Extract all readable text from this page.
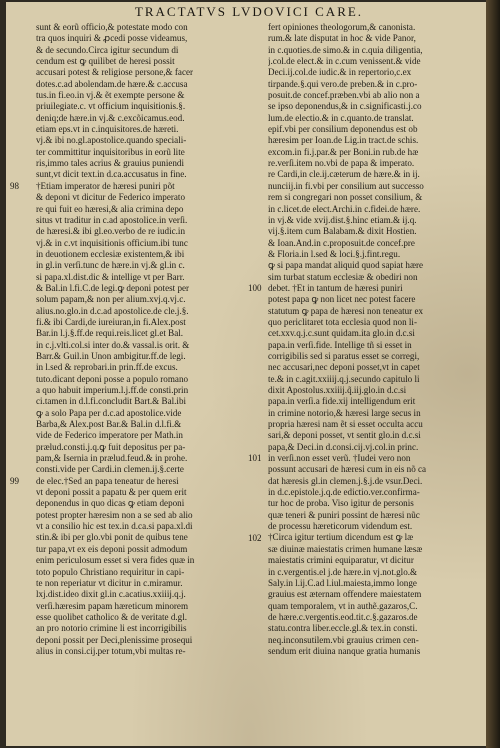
TRACTATVS LVDOVICI CARE.
98
99
sunt & eorũ officio,& potestate modo con
tra quos inquiri & ꝓcedi posse videamus,
& de secundo.Circa igitur secundum di
cendum est ꝙ quilibet de heresi possit
accusari potest & religiose persone,& facer
dotes.c.ad abolendam.de hære.& c.accusa
tus.in fi.eo.in vj.& ẽt exempte persone &
priuilegiate.c. vt officium inquisitionis.§.
deniq;de hære.in vj.& c.excõicamus.eod.
etiam eps.vt in c.inquisitores.de hæreti.
vj.& ibi no.gl.apostolice.quando speciali-
ter committitur inquisitoribus in eorũ lite
ris,immo tales acrius & grauius puniendi
sunt,vt dicit text.in d.ca.accusatus in fine.
†Etiam imperator de hæresi puniri põt
& deponi vt dicitur de Federico imperato
re qui fuit eo hæresi,& alia crimina depo
situs vt traditur in c.ad apostolice.in verſi.
de hæresi.& ibi gl.eo.verbo de re iudic.in
vj.& in c.vt inquisitionis officium.ibi tunc
in deuotionem ecclesiæ existentem,& ibi
in gl.in verſi.tunc de hære.in vj.& gl.in c.
si papa.xl.dist.dic & intellige vt per Barr.
& Bal.in l.fi.C.de legi.ꝙ deponi potest per
solum papam,& non per alium.xvj.q.vj.c.
alius.no.glo.in d.c.ad apostolice.de cle.j.§.
fi.& ibi Cardi,de iureiuran,in fi.Alex.post
Bar.in l.j.§.ff.de requi.reis.licet gl.et Bal.
in c.j.vlti.col.si inter do.& vassal.is orit. &
Barr.& Guil.in Unon ambigitur.ff.de legi.
in l.sed & reprobari.in prin.ff.de excus.
tuto.dicant deponi posse a populo romano
a quo habuit imperium.l.j.ff.de consti.prin
ci.tamen in d.l.fi.concludit Bart.& Bal.ibi
ꝙ a solo Papa per d.c.ad apostolice.vide
Barba,& Alex.post Bar.& Bal.in d.l.fi.&
vide de Federico imperatore per Math.in
prælud.consti.j.q.ꝙ fuit depositus per pa-
pam,& Isernia in prælud.feud.& in prohe.
consti.vide per Cardi.in clemen.ij.§.certe
de elec.†Sed an papa teneatur de heresi
vt deponi possit a papatu & per quem erit
deponendus in quo dicas ꝙ etiam deponi
potest propter hæresim non a se sed ab alio
vt a consilio hic est tex.in d.ca.si papa.xl.di
stin.& ibi per glo.vbi ponit de quibus tene
tur papa,vt ex eis deponi possit admodum
enim periculosum esset si vera fides quæ in
toto populo Christiano requiritur in capi-
te non reperiatur vt dicitur in c.miramur.
lxj.dist.ideo dixit gl.in c.acatius.xxiiij.q.j.
verſi.hæresim papam hæreticum minorem
esse quolibet catholico & de veritate d.gl.
an pro notorio crimine li est incorrigibilis
deponi possit per Deci,plenissime prosequi
alius in consi.cij.per totum,vbi multas re-
100
101
102
fert opiniones theologorum,& canonista.
rum.& late disputat in hoc & vide Panor,
in c.quoties.de simo.& in c.quia diligentia,
j.col.de elect.& in c.cum venissent.& vide
Deci.ij.col.de iudic.& in repertorio,c.ex
tirpande.§.qui vero.de preben.& in c.pro-
posuit.de concef.præben.vbi ab alio non a
se ipso deponendus,& in c.significasti.j.co
lum.de electio.& in c.quanto.de translat.
epif.vbi per consilium deponendus est ob
hæresim per Ioan.de Lig.in tract.de schis.
excom.in fi.j.par.& per Boni.in rub.de hæ
re.verſi.item no.vbi de papa & imperato.
re Cardi,in cle.ij.cæterum de hære.& in ij.
nunciij.in fi.vbi per consilium aut successo
rem si congregari non posset consilium, &
in c.licet.de elect.Archi.in c.fidei.de hære.
in vj.& vide xvij.dist.§.hinc etiam.& ij.q.
vij.§.item cum Balabam.& dixit Hostien.
& Ioan.And.in c.proposuit.de concef.pre
& Floria.in l.sed & loci.§.j.fint.regu.
ꝙ si papa mandat aliquid quod sapiat hære
sim turbat statum ecclesiæ & obediri non
debet. †Et in tantum de hæresi puniri
potest papa ꝙ non licet nec potest facere
statutum ꝙ papa de hæresi non teneatur ex
quo periclitaret tota ecclesia quod non li-
cet.xxv.q.j.c.sunt quidam.ita glo.in d.c.si
papa.in verſi.fide. Intellige tñ si esset in
corrigibilis sed si paratus esset se corregi,
nec accusari,nec deponi posset,vt in capet
te.& in c.agit.xxiiij.q.j.secundo capitulo li
dixit Apostolus.xxiiij.q̃.iij.glo.in d.c.si
papa.in verſi.a fide.xij intelligendum erit
in crimine notorio,& hæresi large secus in
propria hæresi nam ẽt si esset occulta accu
sari,& deponi posset, vt sentit glo.in d.c.si
papa,& Deci.in d.consi.cij.vj.col.in princ.
in verſi.non esset verũ. †Iudei vero non
possunt accusari de hæresi cum in eis nõ ca
dat hæresis gl.in clemen.j.§.j.de vsur.Deci.
in d.c.epistole.j.q.de edictio.ver.confirma-
tur hoc de proba. Viso igitur de personis
quæ teneri & puniri possint de hæresi nũc
de processu hæreticorum videndum est.
†Circa igitur tertium dicendum est ꝙ læ
sæ diuinæ maiestatis crimen humane læsæ
maiestatis crimini equiparatur, vt dicitur
in c.vergentis.el j.de hære.in vj.not.glo.&
Saly.in l.ij.C.ad l.iul.maiesta,immo longe
grauius est æternam offendere maiestatem
quam temporalem, vt in authẽ.gazaros,C.
de hære.c.vergentis.eod.tit.c.§.gazaros.de
statu.contra liber.eccle.gl.& tex.in consti.
neq.inconsutilem.vbi grauius crimen cen-
sendum erit diuina nanque gratia humanis
